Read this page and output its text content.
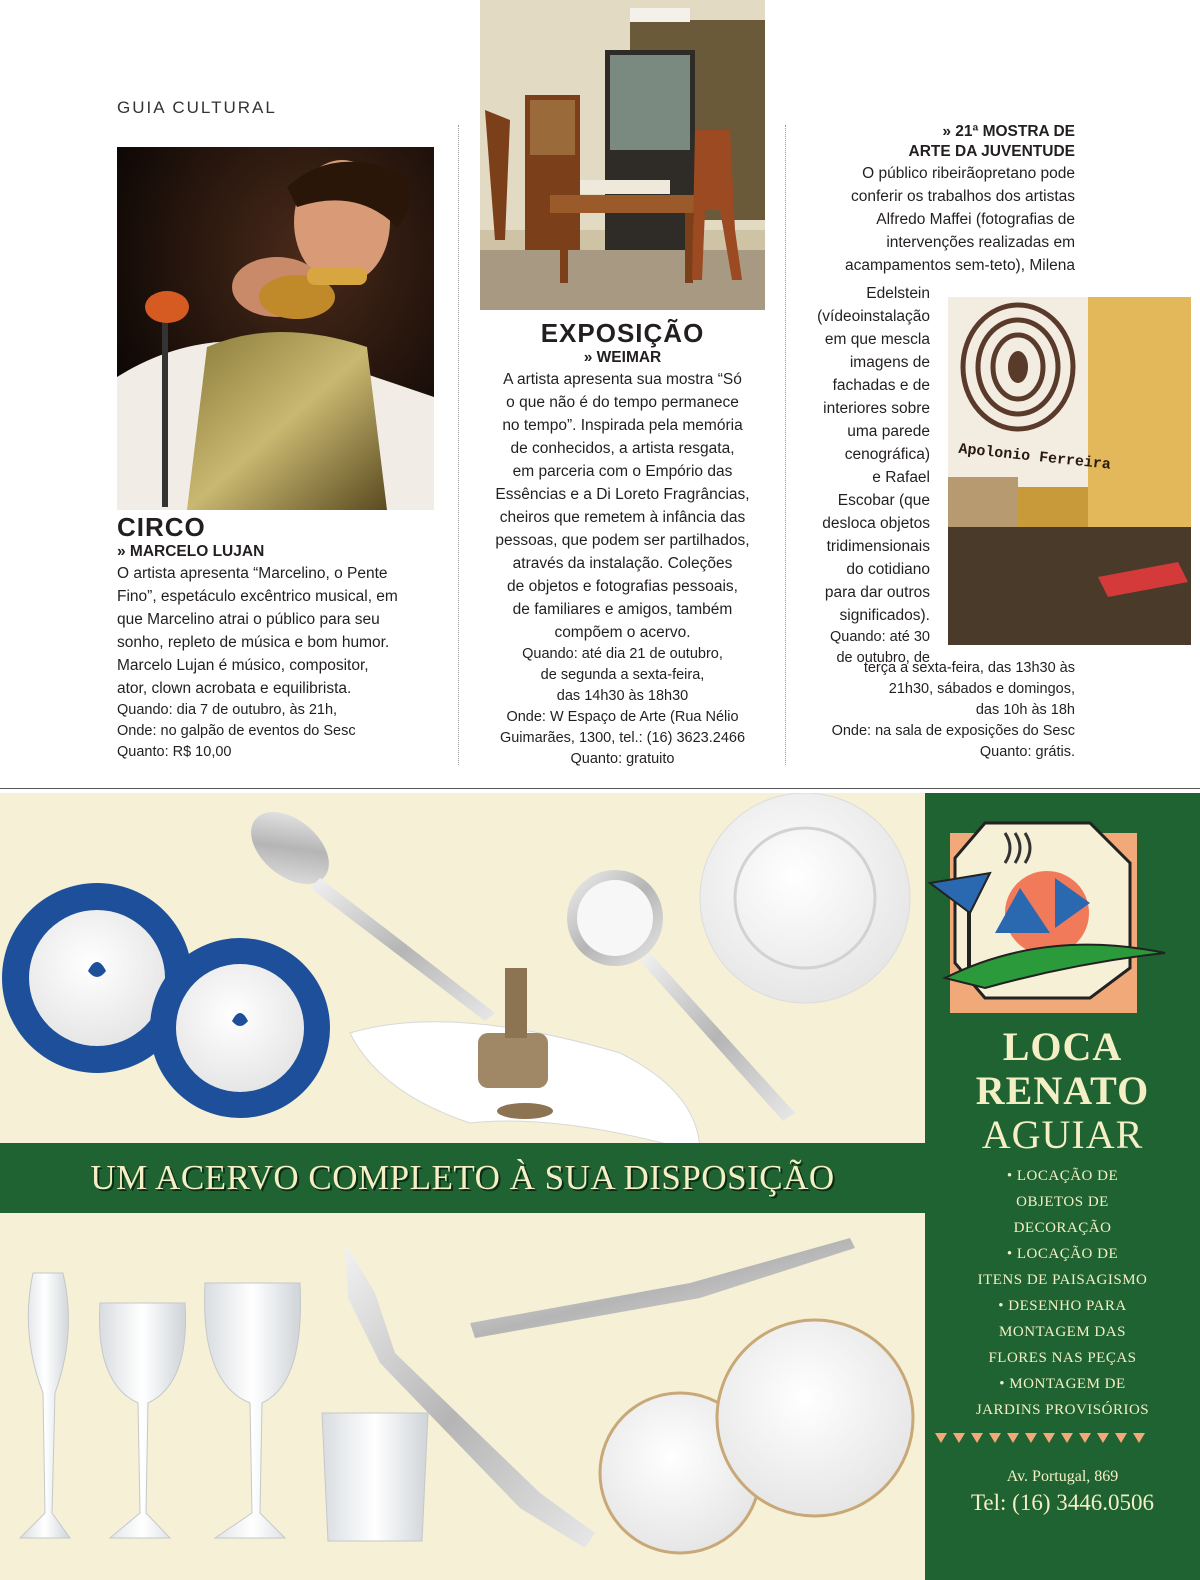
GUIA CULTURAL
CIRCO
» MARCELO LUJAN

O artista apresenta “Marcelino, o Pente

Fino”, espetáculo excêntrico musical, em

que Marcelino atrai o público para seu

sonho, repleto de música e bom humor.

Marcelo Lujan é músico, compositor,

ator, clown acrobata e equilibrista.

Quando: dia 7 de outubro, às 21h,

Onde: no galpão de eventos do Sesc

Quanto: R$ 10,00

EXPOSIÇÃO
» WEIMAR

A artista apresenta sua mostra “Só

o que não é do tempo permanece

no tempo”. Inspirada pela memória

de conhecidos, a artista resgata,

em parceria com o Empório das

Essências e a Di Loreto Fragrâncias,

cheiros que remetem à infância das

pessoas, que podem ser partilhados,

através da instalação. Coleções

de objetos e fotografias pessoais,

de familiares e amigos, também

compõem o acervo.

Quando: até dia 21 de outubro,

de segunda a sexta-feira,

das 14h30 às 18h30

Onde: W Espaço de Arte (Rua Nélio

Guimarães, 1300, tel.: (16) 3623.2466

Quanto: gratuito

» 21ª MOSTRA DE
ARTE DA JUVENTUDE

O público ribeirãopretano pode

conferir os trabalhos dos artistas

Alfredo Maffei (fotografias de

intervenções realizadas em

acampamentos sem-teto), Milena

Edelstein

(vídeoinstalação

em que mescla

imagens de

fachadas e de

interiores sobre

uma parede

cenográfica)

e Rafael

Escobar (que

desloca objetos

tridimensionais

do cotidiano

para dar outros

significados).

Quando: até 30

de outubro, de

terça a sexta-feira, das 13h30 às

21h30, sábados e domingos,

das 10h às 18h

Onde: na sala de exposições do Sesc

Quanto: grátis.

Apolonio Ferreira
UM ACERVO COMPLETO À SUA DISPOSIÇÃO
LOCA
RENATO
AGUIAR
• LOCAÇÃO DE
OBJETOS DE
DECORAÇÃO
• LOCAÇÃO DE
ITENS DE PAISAGISMO
• DESENHO PARA
MONTAGEM DAS
FLORES NAS PEÇAS
• MONTAGEM DE
JARDINS PROVISÓRIOS
Av. Portugal, 869
Tel: (16) 3446.0506
